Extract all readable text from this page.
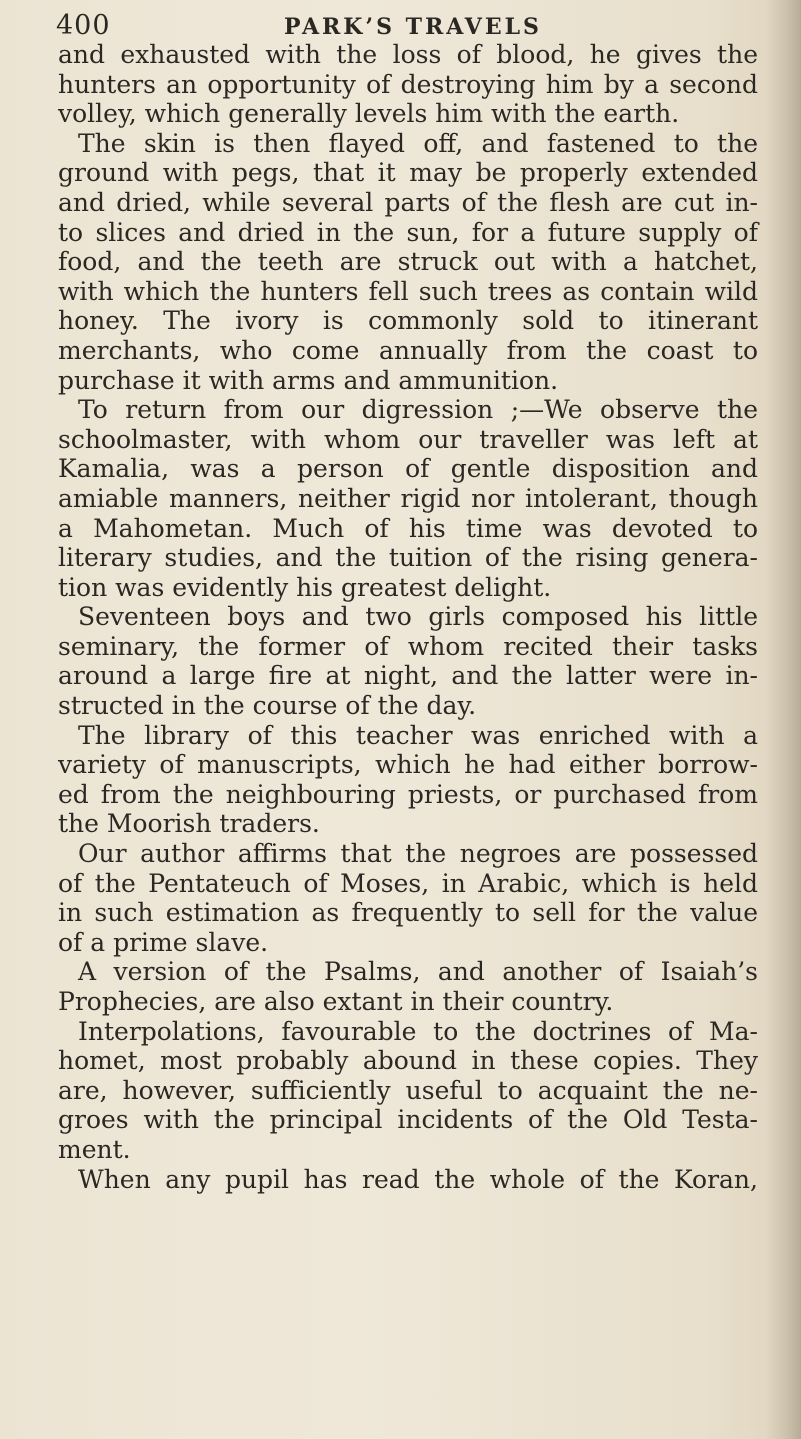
400	PARK’S TRAVELS
and exhausted with the loss of blood, he gives the
hunters an opportunity of destroying him by a second
volley, which generally levels him with the earth.
The skin is then flayed off, and fastened to the
ground with pegs, that it may be properly extended
and dried, while several parts of the flesh are cut in-
to slices and dried in the sun, for a future supply of
food, and the teeth are struck out with a hatchet,
with which the hunters fell such trees as contain wild
honey. The ivory is commonly sold to itinerant
merchants, who come annually from the coast to
purchase it with arms and ammunition.
To return from our digression ;—We observe the
schoolmaster, with whom our traveller was left at
Kamalia, was a person of gentle disposition and
amiable manners, neither rigid nor intolerant, though
a Mahometan. Much of his time was devoted to
literary studies, and the tuition of the rising genera-
tion was evidently his greatest delight.
Seventeen boys and two girls composed his little
seminary, the former of whom recited their tasks
around a large fire at night, and the latter were in-
structed in the course of the day.
The library of this teacher was enriched with a
variety of manuscripts, which he had either borrow-
ed from the neighbouring priests, or purchased from
the Moorish traders.
Our author affirms that the negroes are possessed
of the Pentateuch of Moses, in Arabic, which is held
in such estimation as frequently to sell for the value
of a prime slave.
A version of the Psalms, and another of Isaiah’s
Prophecies, are also extant in their country.
Interpolations, favourable to the doctrines of Ma-
homet, most probably abound in these copies. They
are, however, sufficiently useful to acquaint the ne-
groes with the principal incidents of the Old Testa-
ment.
When any pupil has read the whole of the Koran,
